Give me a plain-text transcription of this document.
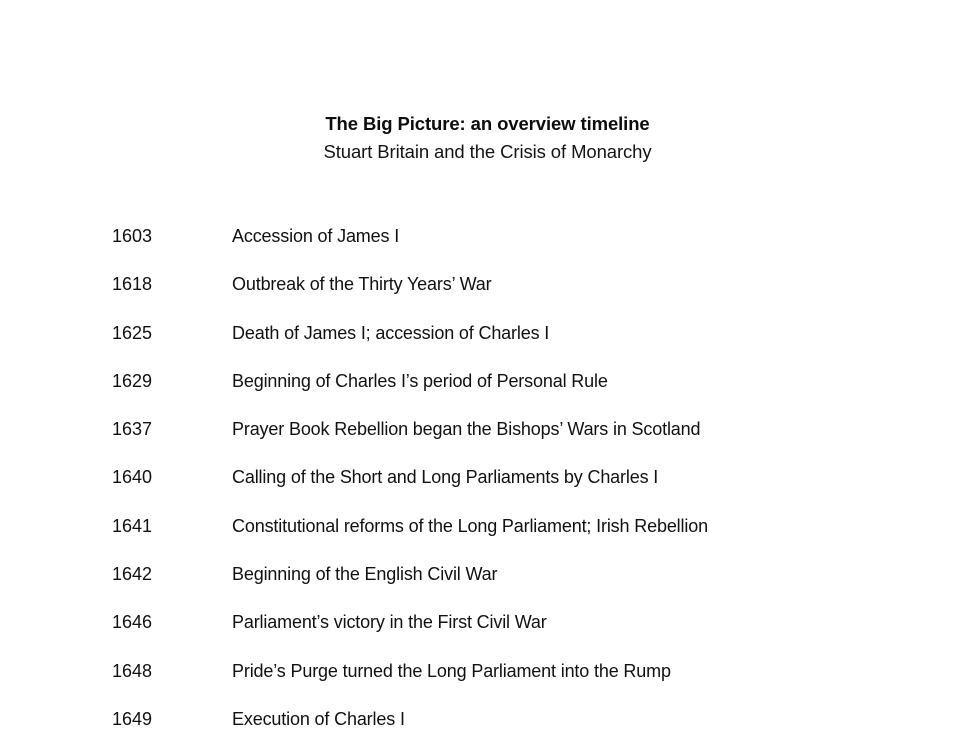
The Big Picture: an overview timeline
Stuart Britain and the Crisis of Monarchy
1603	Accession of James I
1618	Outbreak of the Thirty Years’ War
1625	Death of James I; accession of Charles I
1629	Beginning of Charles I’s period of Personal Rule
1637	Prayer Book Rebellion began the Bishops’ Wars in Scotland
1640	Calling of the Short and Long Parliaments by Charles I
1641	Constitutional reforms of the Long Parliament; Irish Rebellion
1642	Beginning of the English Civil War
1646	Parliament’s victory in the First Civil War
1648	Pride’s Purge turned the Long Parliament into the Rump
1649	Execution of Charles I
